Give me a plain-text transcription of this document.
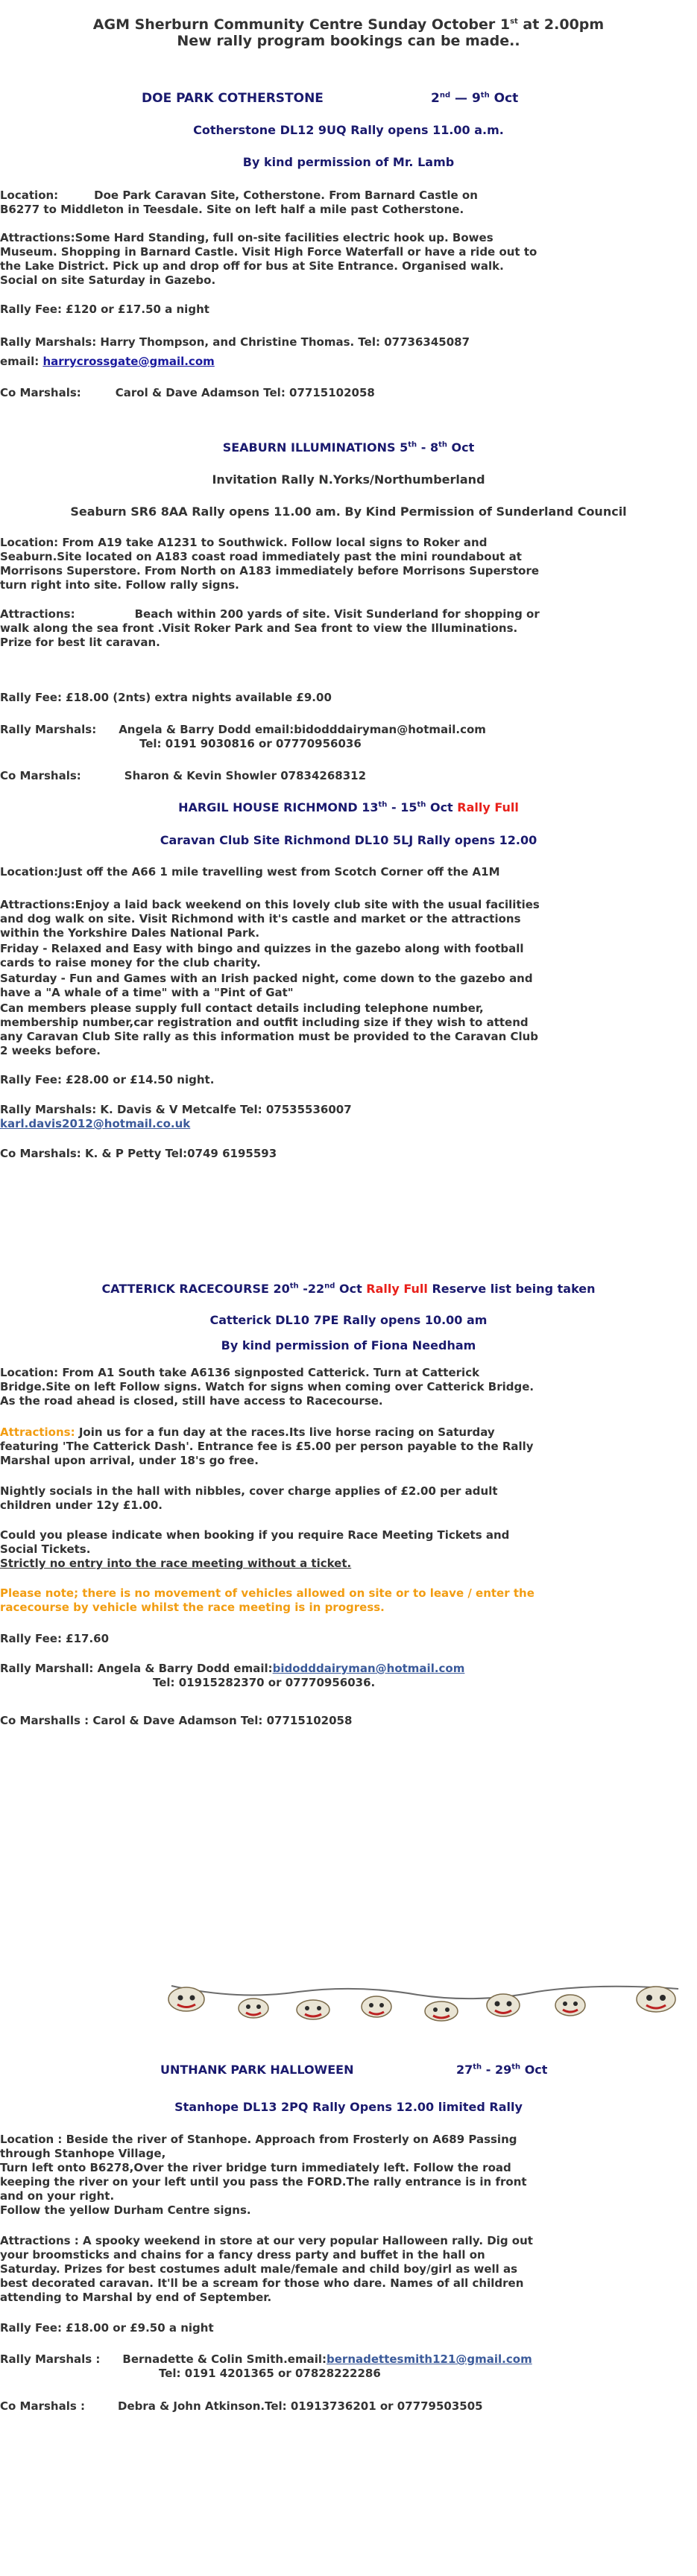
AGM Sherburn Community Centre Sunday October 1st at 2.00pm
New rally program bookings can be made..
DOE PARK COTHERSTONE	2nd — 9th Oct
Cotherstone DL12 9UQ Rally opens 11.00 a.m.
By kind permission of Mr. Lamb
Location:	Doe Park Caravan Site, Cotherstone. From Barnard Castle on
B6277 to Middleton in Teesdale. Site on left half a mile past Cotherstone.
Attractions:Some Hard Standing, full on-site facilities electric hook up. Bowes
Museum. Shopping in Barnard Castle. Visit High Force Waterfall or have a ride out to
the Lake District. Pick up and drop off for bus at Site Entrance. Organised walk.
Social on site Saturday in Gazebo.
Rally Fee: £120 or £17.50 a night
Rally Marshals: Harry Thompson, and Christine Thomas. Tel: 07736345087
email: harrycrossgate@gmail.com
Co Marshals:	Carol & Dave Adamson Tel: 07715102058
SEABURN ILLUMINATIONS 5th - 8th Oct
Invitation Rally N.Yorks/Northumberland
Seaburn SR6 8AA Rally opens 11.00 am. By Kind Permission of Sunderland Council
Location: From A19 take A1231 to Southwick. Follow local signs to Roker and
Seaburn.Site located on A183 coast road immediately past the mini roundabout at
Morrisons Superstore. From North on A183 immediately before Morrisons Superstore
turn right into site. Follow rally signs.
Attractions:	Beach within 200 yards of site. Visit Sunderland for shopping or
walk along the sea front .Visit Roker Park and Sea front to view the Illuminations.
Prize for best lit caravan.
Rally Fee: £18.00 (2nts) extra nights available £9.00
Rally Marshals: Angela & Barry Dodd email:bidodddairyman@hotmail.com
Tel: 0191 9030816 or 07770956036
Co Marshals:	Sharon & Kevin Showler 07834268312
HARGIL HOUSE RICHMOND 13th - 15th Oct Rally Full
Caravan Club Site Richmond DL10 5LJ Rally opens 12.00
Location:Just off the A66 1 mile travelling west from Scotch Corner off the A1M
Attractions:Enjoy a laid back weekend on this lovely club site with the usual facilities
and dog walk on site. Visit Richmond with it's castle and market or the attractions
within the Yorkshire Dales National Park.
Friday - Relaxed and Easy with bingo and quizzes in the gazebo along with football
cards to raise money for the club charity.
Saturday - Fun and Games with an Irish packed night, come down to the gazebo and
have a "A whale of a time" with a "Pint of Gat"
Can members please supply full contact details including telephone number,
membership number,car registration and outfit including size if they wish to attend
any Caravan Club Site rally as this information must be provided to the Caravan Club
2 weeks before.
Rally Fee: £28.00 or £14.50 night.
Rally Marshals: K. Davis & V Metcalfe Tel: 07535536007
karl.davis2012@hotmail.co.uk
Co Marshals: K. & P Petty Tel:0749 6195593
CATTERICK RACECOURSE 20th -22nd Oct Rally Full Reserve list being taken
Catterick DL10 7PE Rally opens 10.00 am
By kind permission of Fiona Needham
Location: From A1 South take A6136 signposted Catterick. Turn at Catterick
Bridge.Site on left Follow signs. Watch for signs when coming over Catterick Bridge.
As the road ahead is closed, still have access to Racecourse.
Attractions: Join us for a fun day at the races.Its live horse racing on Saturday
featuring 'The Catterick Dash'. Entrance fee is £5.00 per person payable to the Rally
Marshal upon arrival, under 18's go free.
Nightly socials in the hall with nibbles, cover charge applies of £2.00 per adult
children under 12y £1.00.
Could you please indicate when booking if you require Race Meeting Tickets and
Social Tickets.
Strictly no entry into the race meeting without a ticket.
Please note; there is no movement of vehicles allowed on site or to leave / enter the
racecourse by vehicle whilst the race meeting is in progress.
Rally Fee: £17.60
Rally Marshall: Angela & Barry Dodd email:bidodddairyman@hotmail.com
Tel: 01915282370 or 07770956036.
Co Marshalls : Carol & Dave Adamson Tel: 07715102058
UNTHANK PARK HALLOWEEN	27th - 29th Oct
Stanhope DL13 2PQ Rally Opens 12.00 limited Rally
Location : Beside the river of Stanhope. Approach from Frosterly on A689 Passing
through Stanhope Village,
Turn left onto B6278,Over the river bridge turn immediately left. Follow the road
keeping the river on your left until you pass the FORD.The rally entrance is in front
and on your right.
Follow the yellow Durham Centre signs.
Attractions : A spooky weekend in store at our very popular Halloween rally. Dig out
your broomsticks and chains for a fancy dress party and buffet in the hall on
Saturday. Prizes for best costumes adult male/female and child boy/girl as well as
best decorated caravan. It'll be a scream for those who dare. Names of all children
attending to Marshal by end of September.
Rally Fee: £18.00 or £9.50 a night
Rally Marshals : Bernadette & Colin Smith.email:bernadettesmith121@gmail.com
Tel: 0191 4201365 or 07828222286
Co Marshals :	Debra & John Atkinson.Tel: 01913736201 or 07779503505
